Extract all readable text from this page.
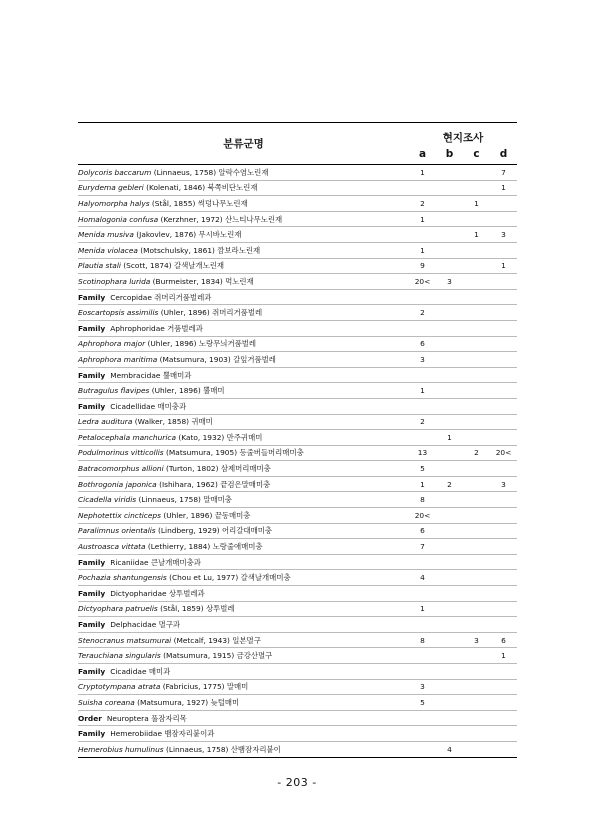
분류군명	현지조사			
	a	b	c	d
Dolycoris baccarum (Linnaeus, 1758) 알락수염노린재	1			7
Eurydema gebleri (Kolenati, 1846) 북쪽비단노린재				1
Halyomorpha halys (Stål, 1855) 썩덩나무노린재	2		1	
Homalogonia confusa (Kerzhner, 1972) 산느티나무노린재	1			
Menida musiva (Jakovlev, 1876) 무시바노린재			1	3
Menida violacea (Motschulsky, 1861) 깜보라노린재	1			
Plautia stali (Scott, 1874) 갈색날개노린재	9			1
Scotinophara lurida (Burmeister, 1834) 먹노린재	20<	3		
Family Cercopidae 쥐머리거품벌레과				
Eoscartopsis assimilis (Uhler, 1896) 쥐머리거품벌레	2			
Family Aphrophoridae 거품벌레과				
Aphrophora major (Uhler, 1896) 노랑무늬거품벌레	6			
Aphrophora maritima (Matsumura, 1903) 갈잎거품벌레	3			
Family Membracidae 뿔매미과				
Butragulus flavipes (Uhler, 1896) 뿔매미	1			
Family Cicadellidae 매미충과				
Ledra auditura (Walker, 1858) 귀매미	2			
Petalocephala manchurica (Kato, 1932) 만주귀매미		1		
Podulmorinus vitticollis (Matsumura, 1905) 등줄버들머리매미충	13		2	20<
Batracomorphus allioni (Turton, 1802) 삼제머리매미충	5			
Bothrogonia japonica (Ishihara, 1962) 끝검은말매미충	1	2		3
Cicadella viridis (Linnaeus, 1758) 말매미충	8			
Nephotettix cincticeps (Uhler, 1896) 끝동매미충	20<			
Paralimnus orientalis (Lindberg, 1929) 어리갈대매미충	6			
Austroasca vittata (Lethierry, 1884) 노랑줄애매미충	7			
Family Ricaniidae 큰날개매미충과				
Pochazia shantungensis (Chou et Lu, 1977) 갈색날개매미충	4			
Family Dictyopharidae 상투벌레과				
Dictyophara patruelis (Stål, 1859) 상투벌레	1			
Family Delphacidae 멸구과				
Stenocranus matsumurai (Metcalf, 1943) 일본멸구	8		3	6
Terauchiana singularis (Matsumura, 1915) 금강산멸구				1
Family Cicadidae 매미과				
Cryptotympana atrata (Fabricius, 1775) 말매미	3			
Suisha coreana (Matsumura, 1927) 늦털매미	5			
Order Neuroptera 풀잠자리목				
Family Hemerobiidae 뱀잠자리붙이과				
Hemerobius humulinus (Linnaeus, 1758) 산뱀잠자리붙이		4		
- 203 -
